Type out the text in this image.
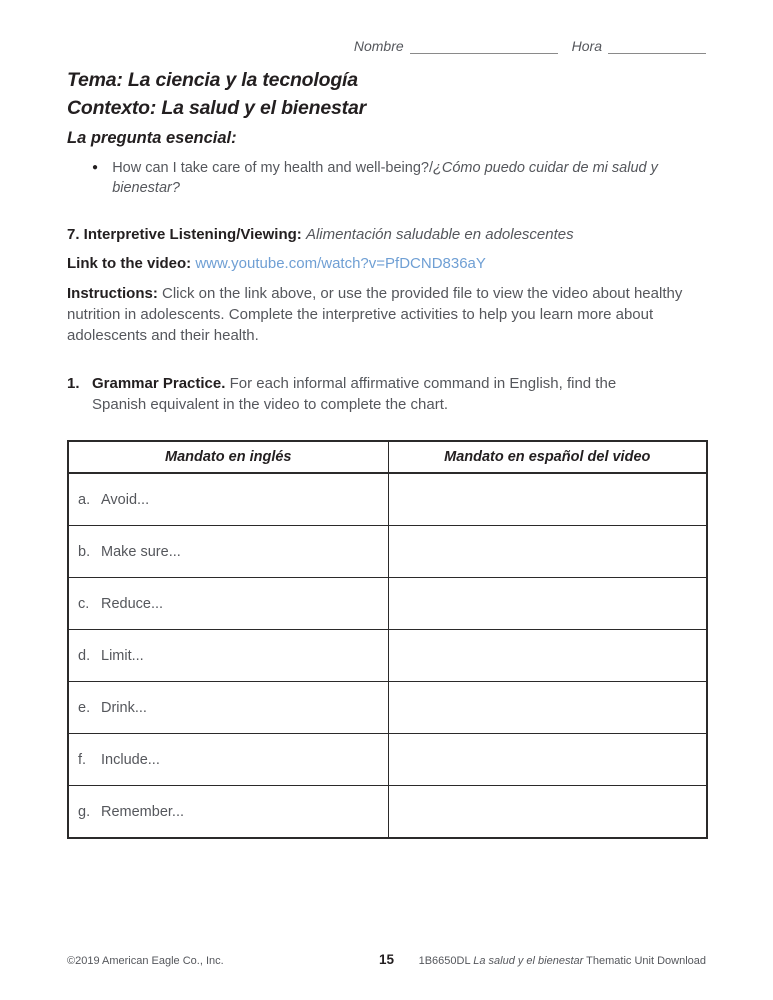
Nombre	Hora
Tema: La ciencia y la tecnología
Contexto: La salud y el bienestar
La pregunta esencial:
● How can I take care of my health and well-being?/¿Cómo puedo cuidar de mi salud y bienestar?
7. Interpretive Listening/Viewing: Alimentación saludable en adolescentes
Link to the video: www.youtube.com/watch?v=PfDCND836aY
Instructions: Click on the link above, or use the provided file to view the video about healthy nutrition in adolescents. Complete the interpretive activities to help you learn more about adolescents and their health.
1. Grammar Practice. For each informal affirmative command in English, find the Spanish equivalent in the video to complete the chart.
Mandato en inglés	Mandato en español del video

a. Avoid...	

b. Make sure...	

c. Reduce...	

d. Limit...	

e. Drink...	

f. Include...	

g. Remember...	

©2019 American Eagle Co., Inc.	15	1B6650DL La salud y el bienestar Thematic Unit Download
